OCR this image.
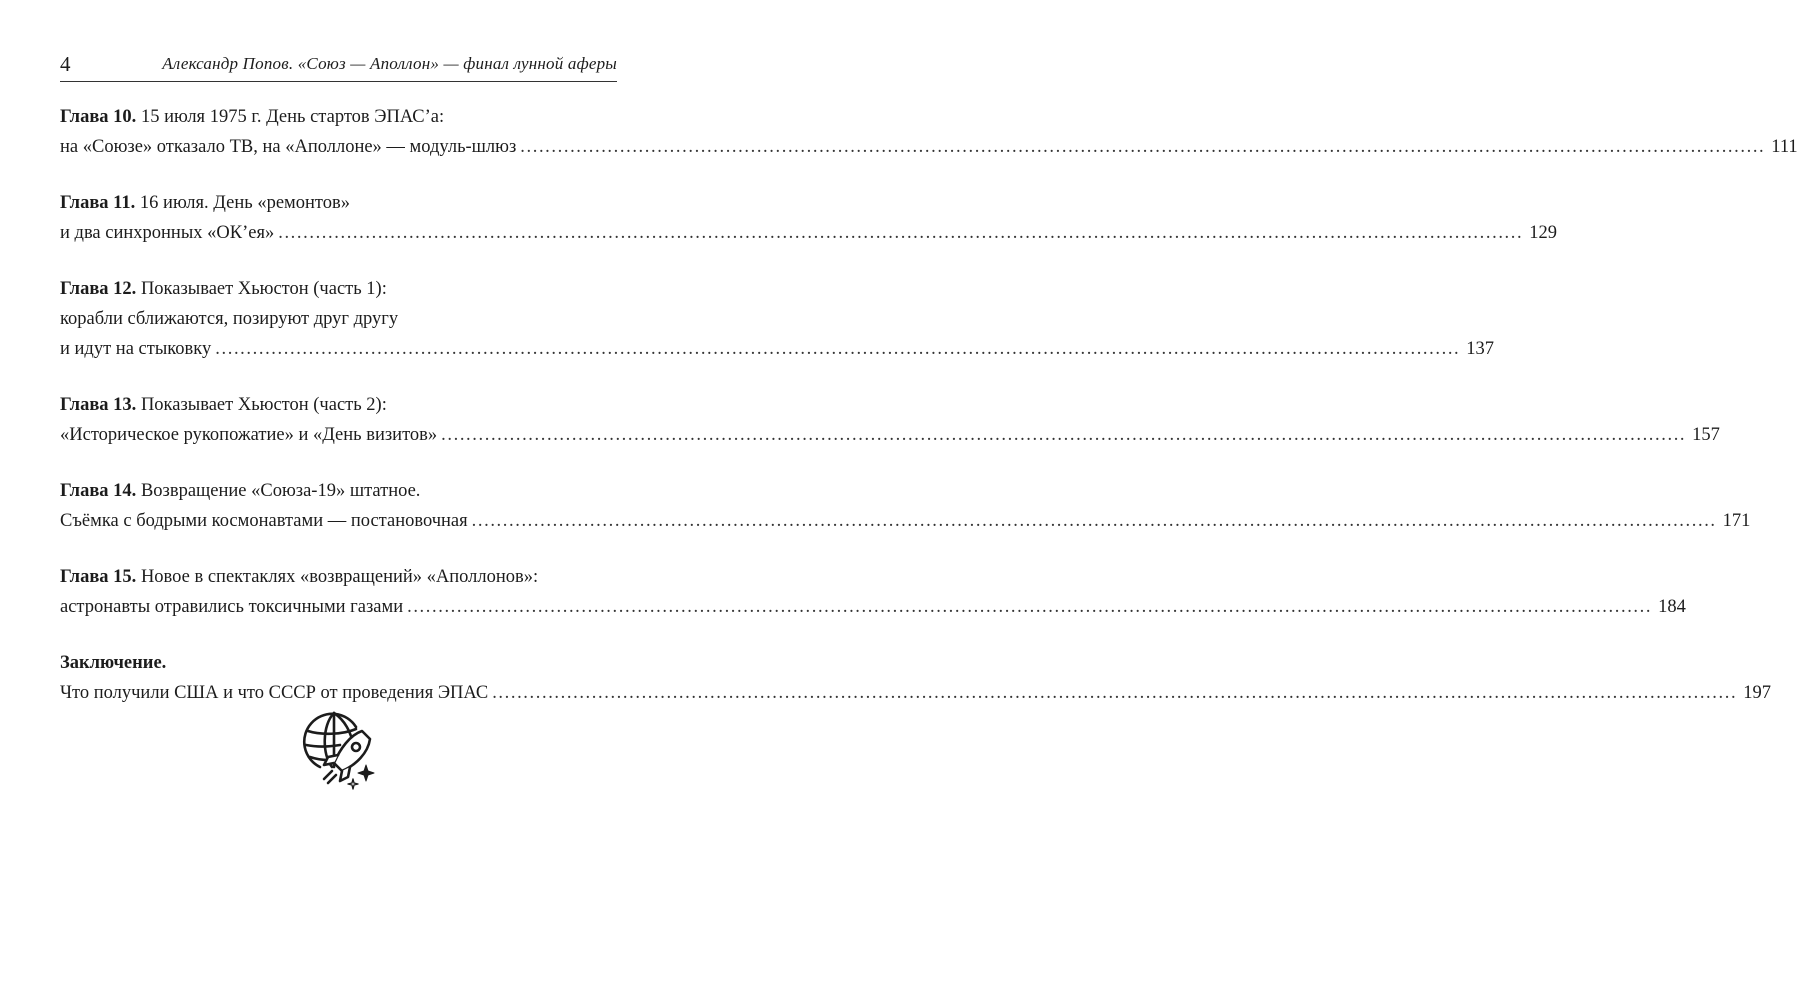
4	Александр Попов. «Союз — Аполлон» — финал лунной аферы
Глава 10. 15 июля 1975 г. День стартов ЭПАС’а:
на «Союзе» отказало ТВ, на «Аполлоне» — модуль-шлюз ........................................................................................................................................................................................................ 111
Глава 11. 16 июля. День «ремонтов»
и два синхронных «ОК’ея» ........................................................................................................................................................................................................ 129
Глава 12. Показывает Хьюстон (часть 1):
корабли сближаются, позируют друг другу
и идут на стыковку ........................................................................................................................................................................................................ 137
Глава 13. Показывает Хьюстон (часть 2):
«Историческое рукопожатие» и «День визитов» ........................................................................................................................................................................................................ 157
Глава 14. Возвращение «Союза-19» штатное.
Съёмка с бодрыми космонавтами — постановочная ........................................................................................................................................................................................................ 171
Глава 15. Новое в спектаклях «возвращений» «Аполлонов»:
астронавты отравились токсичными газами ........................................................................................................................................................................................................ 184
Заключение.
Что получили США и что СССР от проведения ЭПАС ........................................................................................................................................................................................................ 197
